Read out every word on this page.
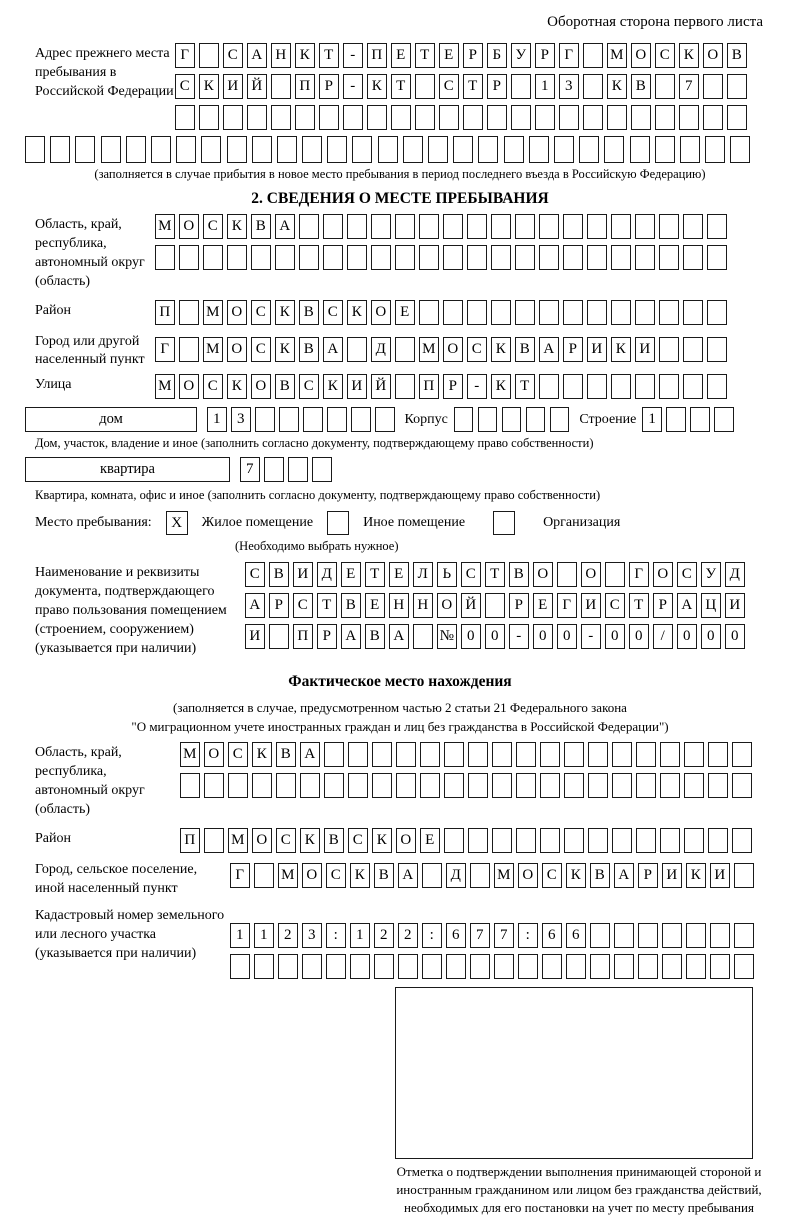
Оборотная сторона первого листа
Адрес прежнего места пребывания в Российской Федерации
Г	С А Н К Т	-	П Е Т Е	Р	Б У Р	Г	М О С К О В
С К И Й П Р	-	К Т	С Т	Р	1	3	К В	7
(заполняется в случае прибытия в новое место пребывания в период последнего въезда в Российскую Федерацию)
2. СВЕДЕНИЯ О МЕСТЕ ПРЕБЫВАНИЯ
Область, край, республика, автономный округ (область)
М О С К В А
Район	П М О С К В С К О Е
Город или другой населенный пункт
Г	М О С К В А	Д	М О С К В А Р И К И
Улица	М О С К О В С К И Й П Р	-	К Т
дом	1	3	Корпус	Строение 1
Дом, участок, владение и иное (заполнить согласно документу, подтверждающему право собственности)
квартира	7
Квартира, комната, офис и иное (заполнить согласно документу, подтверждающему право собственности)
Место пребывания:	X	Жилое помещение	Иное помещение	Организация
(Необходимо выбрать нужное)
Наименование и реквизиты документа, подтверждающего право пользования помещением (строением, сооружением) (указывается при наличии)
С В И Д Е Т Е Л Ь С Т В О О	Г О С У Д
А Р С Т В Е Н Н О Й	Р	Е	Г И С Т	Р А Ц И
И П Р А В А № 0	0	-	0	0	-	0	0	/	0	0	0
Фактическое место нахождения
(заполняется в случае, предусмотренном частью 2 статьи 21 Федерального закона
"О миграционном учете иностранных граждан и лиц без гражданства в Российской Федерации")
Область, край, республика, автономный округ (область)
М О С К В А
Район	П М О С К В С К О Е
Город, сельское поселение, иной населенный пункт
Г	М О С К В А	Д	М О С К В А Р И К И
Кадастровый номер земельного или лесного участка (указывается при наличии)
1	1	2	3	:	1	2	2	:	6	7	7	:	6	6
Отметка о подтверждении выполнения принимающей стороной и иностранным гражданином или лицом без гражданства действий, необходимых для его постановки на учет по месту пребывания
